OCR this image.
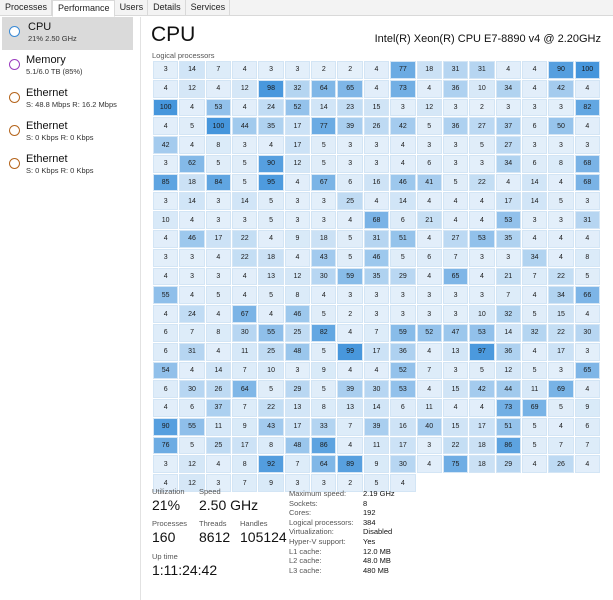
Processes	Performance	Users	Details	Services
CPU
21% 2.50 GHz
Memory
5.1/6.0 TB (85%)
Ethernet
S: 48.8 Mbps R: 16.2 Mbps
Ethernet
S: 0 Kbps R: 0 Kbps
Ethernet
S: 0 Kbps R: 0 Kbps
CPU	Intel(R) Xeon(R) CPU E7-8890 v4 @ 2.20GHz
Logical processors
3	14	7	4	3	3	2	2	4	77	18	31	31	4	4	90	100
4	12	4	12	98	32	64	65	4	73	4	36	10	34	4	42	4
100	4	53	4	24	52	14	23	15	3	12	3	2	3	3	3	82
4	5	100	44	35	17	77	39	26	42	5	36	27	37	6	50	4
42	4	8	3	4	17	5	3	3	4	3	3	5	27	3	3	3
3	62	5	5	90	12	5	3	3	4	6	3	3	34	6	8	68
85	18	84	5	95	4	67	6	16	46	41	5	22	4	14	4	68
3	14	3	14	5	3	3	25	4	14	4	4	4	17	14	5	3
10	4	3	3	5	3	3	4	68	6	21	4	4	53	3	3	31
4	46	17	22	4	9	18	5	31	51	4	27	53	35	4	4	4
3	3	4	22	18	4	43	5	46	5	6	7	3	3	34	4	8
4	3	3	4	13	12	30	59	35	29	4	65	4	21	7	22	5
55	4	5	4	5	8	4	3	3	3	3	3	3	7	4	34	66
4	24	4	67	4	46	5	2	3	3	3	3	10	32	5	15	4
6	7	8	30	55	25	82	4	7	59	52	47	53	14	32	22	30
6	31	4	11	25	48	5	99	17	36	4	13	97	36	4	17	3
54	4	14	7	10	3	9	4	4	52	7	3	5	12	5	3	65
6	30	26	64	5	29	5	39	30	53	4	15	42	44	11	69	4
4	6	37	7	22	13	8	13	14	6	11	4	4	73	69	5	9
90	55	11	9	43	17	33	7	39	16	40	15	17	51	5	4	6
76	5	25	17	8	48	86	4	11	17	3	22	18	86	5	7	7
3	12	4	8	92	7	64	89	9	30	4	75	18	29	4	26	4
4	12	3	7	9	3	3	2	5	4
Utilization
21%
Speed
2.50 GHz
Processes
160
Threads
8612
Handles
105124
Up time
1:11:24:42
Maximum speed:	2.19 GHz
Sockets:	8
Cores:	192
Logical processors:	384
Virtualization:	Disabled
Hyper-V support:	Yes
L1 cache:	12.0 MB
L2 cache:	48.0 MB
L3 cache:	480 MB
